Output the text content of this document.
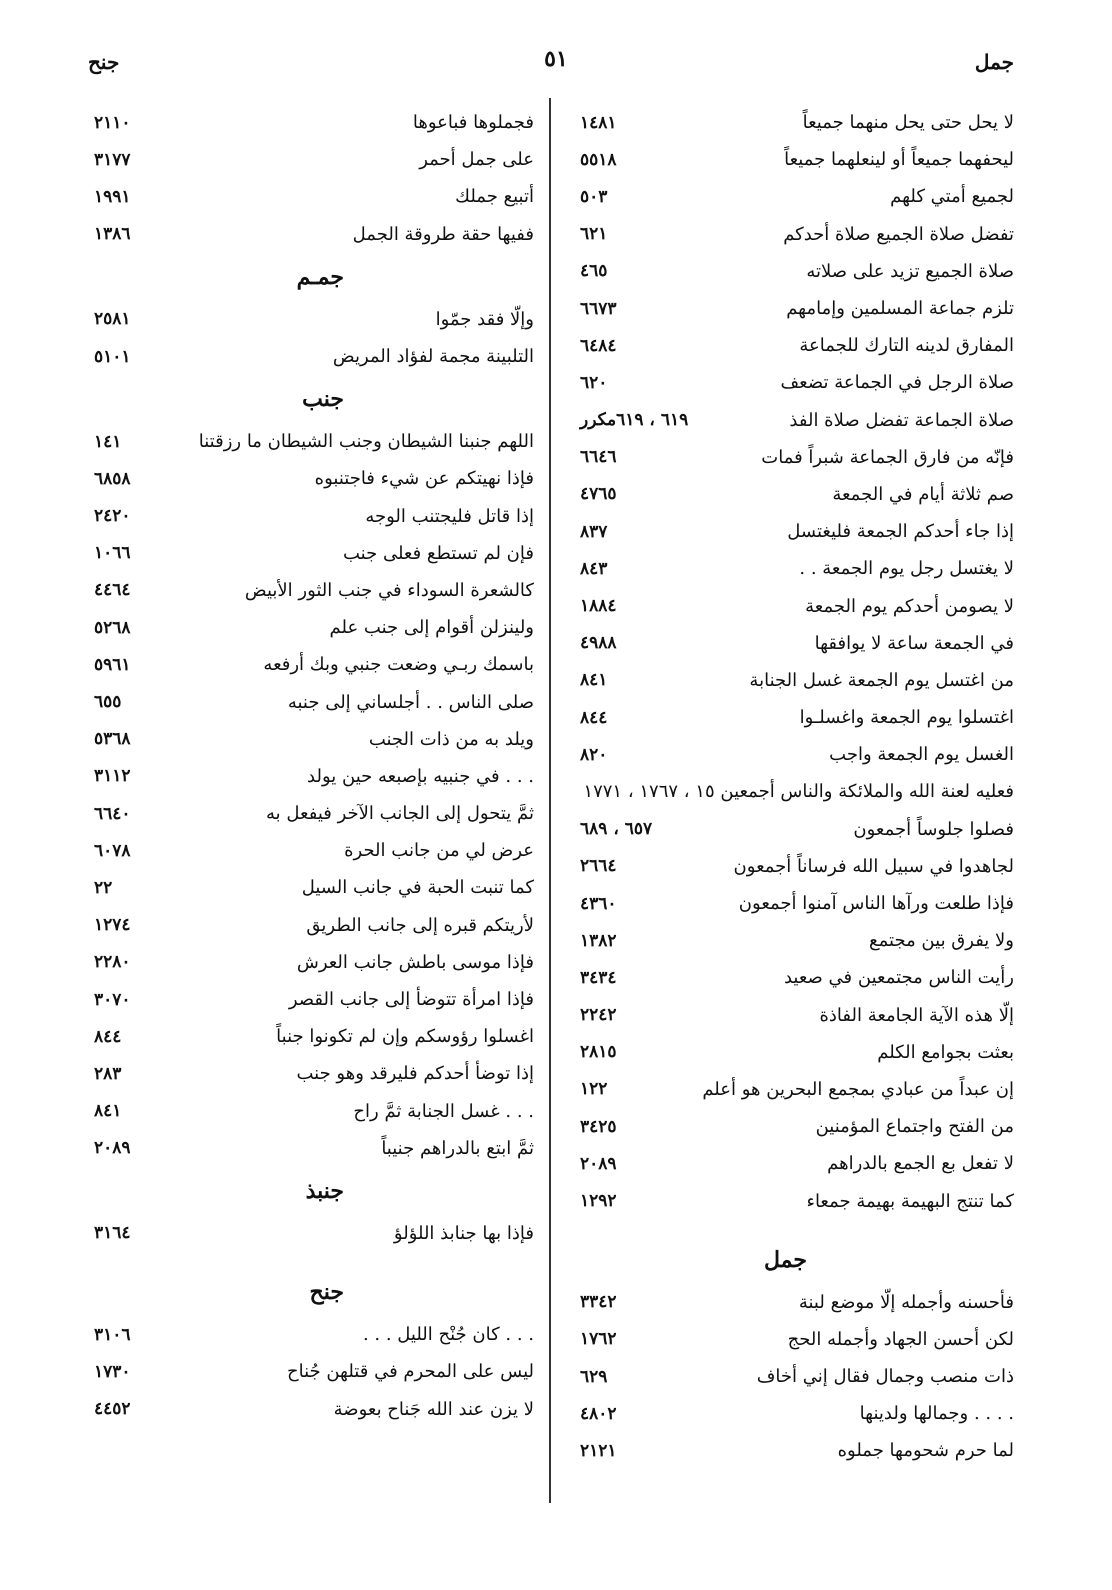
جمل
٥١
جنح
لا يحل حتى يحل منهما جميعاً
١٤٨١
ليحفهما جميعاً أو لينعلهما جميعاً
٥٥١٨
لجميع أمتي كلهم
٥٠٣
تفضل صلاة الجميع صلاة أحدكم
٦٢١
صلاة الجميع تزيد على صلاته
٤٦٥
تلزم جماعة المسلمين وإمامهم
٦٦٧٣
المفارق لدينه التارك للجماعة
٦٤٨٤
صلاة الرجل في الجماعة تضعف
٦٢٠
صلاة الجماعة تفضل صلاة الفذ
٦١٩ ، ٦١٩مكرر
فإنّه من فارق الجماعة شبراً فمات
٦٦٤٦
صم ثلاثة أيام في الجمعة
٤٧٦٥
إذا جاء أحدكم الجمعة فليغتسل
٨٣٧
لا يغتسل رجل يوم الجمعة . .
٨٤٣
لا يصومن أحدكم يوم الجمعة
١٨٨٤
في الجمعة ساعة لا يوافقها
٤٩٨٨
من اغتسل يوم الجمعة غسل الجنابة
٨٤١
اغتسلوا يوم الجمعة واغسلـوا
٨٤٤
الغسل يوم الجمعة واجب
٨٢٠
فعليه لعنة الله والملائكة والناس أجمعين ١٥ ، ١٧٦٧ ، ١٧٧١
فصلوا جلوساً أجمعون
٦٥٧ ، ٦٨٩
لجاهدوا في سبيل الله فرساناً أجمعون
٢٦٦٤
فإذا طلعت ورآها الناس آمنوا أجمعون
٤٣٦٠
ولا يفرق بين مجتمع
١٣٨٢
رأيت الناس مجتمعين في صعيد
٣٤٣٤
إلّا هذه الآية الجامعة الفاذة
٢٢٤٢
بعثت بجوامع الكلم
٢٨١٥
إن عبداً من عبادي بمجمع البحرين هو أعلم
١٢٢
من الفتح واجتماع المؤمنين
٣٤٢٥
لا تفعل بع الجمع بالدراهم
٢٠٨٩
كما تنتج البهيمة بهيمة جمعاء
١٢٩٢
جمل
فأحسنه وأجمله إلّا موضع لبنة
٣٣٤٢
لكن أحسن الجهاد وأجمله الحج
١٧٦٢
ذات منصب وجمال فقال إني أخاف
٦٢٩
. . . . وجمالها ولدينها
٤٨٠٢
لما حرم شحومها جملوه
٢١٢١
فجملوها فباعوها
٢١١٠
على جمل أحمر
٣١٧٧
أتبيع جملك
١٩٩١
ففيها حقة طروقة الجمل
١٣٨٦
جمـم
وإلّا فقد جمّوا
٢٥٨١
التلبينة مجمة لفؤاد المريض
٥١٠١
جنب
اللهم جنبنا الشيطان وجنب الشيطان ما رزقتنا
١٤١
فإذا نهيتكم عن شيء فاجتنبوه
٦٨٥٨
إذا قاتل فليجتنب الوجه
٢٤٢٠
فإن لم تستطع فعلى جنب
١٠٦٦
كالشعرة السوداء في جنب الثور الأبيض
٤٤٦٤
ولينزلن أقوام إلى جنب علم
٥٢٦٨
باسمك ربـي وضعت جنبي وبك أرفعه
٥٩٦١
صلى الناس . . أجلساني إلى جنبه
٦٥٥
ويلد به من ذات الجنب
٥٣٦٨
. . . في جنبيه بإصبعه حين يولد
٣١١٢
ثمَّ يتحول إلى الجانب الآخر فيفعل به
٦٦٤٠
عرض لي من جانب الحرة
٦٠٧٨
كما تنبت الحبة في جانب السيل
٢٢
لأريتكم قبره إلى جانب الطريق
١٢٧٤
فإذا موسى باطش جانب العرش
٢٢٨٠
فإذا امرأة تتوضأ إلى جانب القصر
٣٠٧٠
اغسلوا رؤوسكم وإن لم تكونوا جنباً
٨٤٤
إذا توضأ أحدكم فليرقد وهو جنب
٢٨٣
. . . غسل الجنابة ثمَّ راح
٨٤١
ثمَّ ابتع بالدراهم جنيباً
٢٠٨٩
جنبذ
فإذا بها جنابذ اللؤلؤ
٣١٦٤
جنح
. . . كان جُنْح الليل . . .
٣١٠٦
ليس على المحرم في قتلهن جُناح
١٧٣٠
لا يزن عند الله جَناح بعوضة
٤٤٥٢
